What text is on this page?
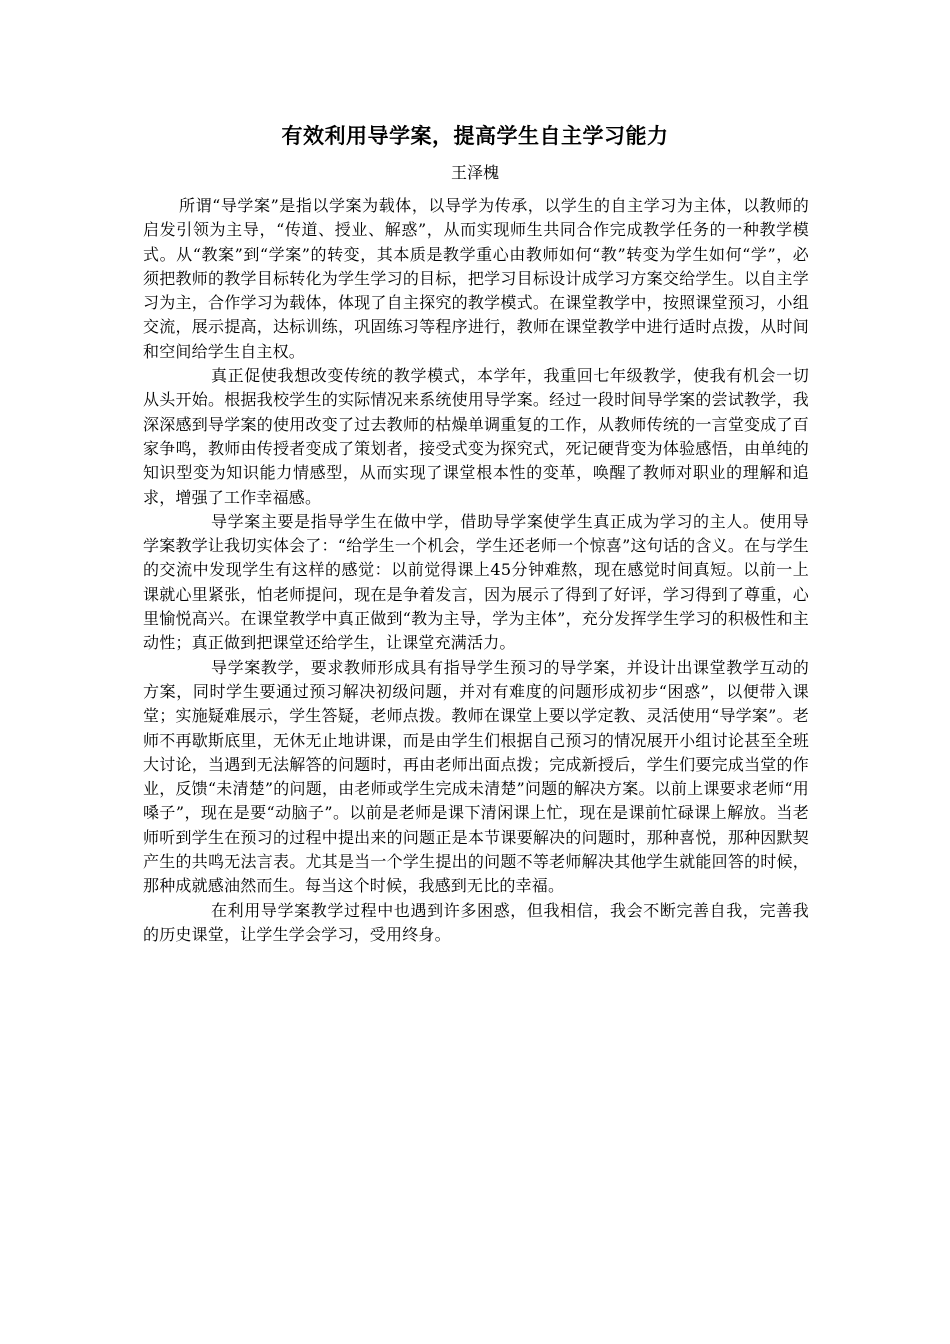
有效利用导学案，提高学生自主学习能力
王泽槐

所谓“导学案”是指以学案为载体，以导学为传承，以学生的自主学习为主体，以教师的启发引领为主导，“传道、授业、解惑”，从而实现师生共同合作完成教学任务的一种教学模式。从“教案”到“学案”的转变，其本质是教学重心由教师如何“教”转变为学生如何“学”，必须把教师的教学目标转化为学生学习的目标，把学习目标设计成学习方案交给学生。以自主学习为主，合作学习为载体，体现了自主探究的教学模式。在课堂教学中，按照课堂预习，小组交流，展示提高，达标训练，巩固练习等程序进行，教师在课堂教学中进行适时点拨，从时间和空间给学生自主权。

真正促使我想改变传统的教学模式，本学年，我重回七年级教学，使我有机会一切从头开始。根据我校学生的实际情况来系统使用导学案。经过一段时间导学案的尝试教学，我深深感到导学案的使用改变了过去教师的枯燥单调重复的工作，从教师传统的一言堂变成了百家争鸣，教师由传授者变成了策划者，接受式变为探究式，死记硬背变为体验感悟，由单纯的知识型变为知识能力情感型，从而实现了课堂根本性的变革，唤醒了教师对职业的理解和追求，增强了工作幸福感。

导学案主要是指导学生在做中学，借助导学案使学生真正成为学习的主人。使用导学案教学让我切实体会了：“给学生一个机会，学生还老师一个惊喜”这句话的含义。在与学生的交流中发现学生有这样的感觉：以前觉得课上45分钟难熬，现在感觉时间真短。以前一上课就心里紧张，怕老师提问，现在是争着发言，因为展示了得到了好评，学习得到了尊重，心里愉悦高兴。在课堂教学中真正做到“教为主导，学为主体”，充分发挥学生学习的积极性和主动性；真正做到把课堂还给学生，让课堂充满活力。

导学案教学，要求教师形成具有指导学生预习的导学案，并设计出课堂教学互动的方案，同时学生要通过预习解决初级问题，并对有难度的问题形成初步“困惑”，以便带入课堂；实施疑难展示，学生答疑，老师点拨。教师在课堂上要以学定教、灵活使用“导学案”。老师不再歇斯底里，无休无止地讲课，而是由学生们根据自己预习的情况展开小组讨论甚至全班大讨论，当遇到无法解答的问题时，再由老师出面点拨；完成新授后，学生们要完成当堂的作业，反馈“未清楚”的问题，由老师或学生完成未清楚”问题的解决方案。以前上课要求老师“用嗓子”，现在是要“动脑子”。以前是老师是课下清闲课上忙，现在是课前忙碌课上解放。当老师听到学生在预习的过程中提出来的问题正是本节课要解决的问题时，那种喜悦，那种因默契产生的共鸣无法言表。尤其是当一个学生提出的问题不等老师解决其他学生就能回答的时候，那种成就感油然而生。每当这个时候，我感到无比的幸福。

在利用导学案教学过程中也遇到许多困惑，但我相信，我会不断完善自我，完善我的历史课堂，让学生学会学习，受用终身。
